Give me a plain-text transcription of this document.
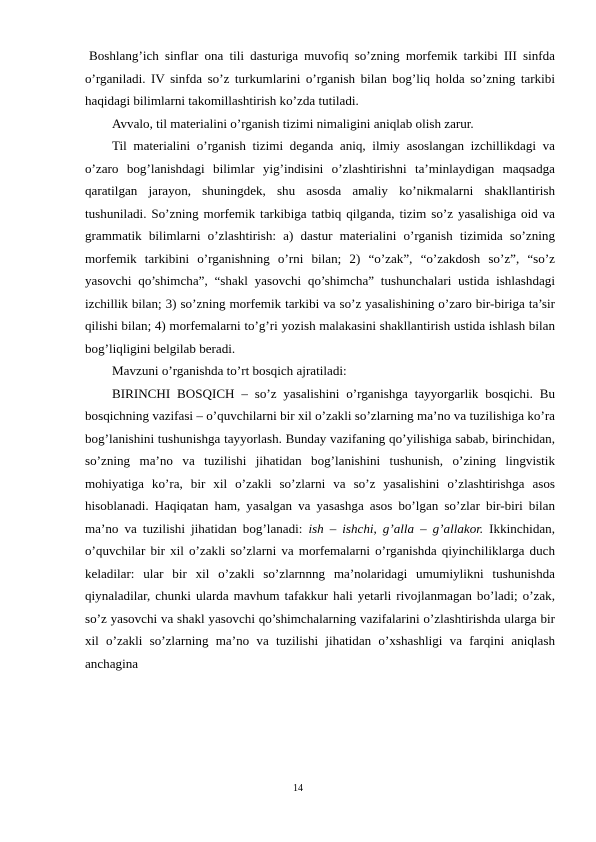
Boshlang’ich sinflar ona tili dasturiga muvofiq so’zning morfemik tarkibi III sinfda o’rganiladi. IV sinfda so’z turkumlarini o’rganish bilan bog’liq holda so’zning tarkibi haqidagi bilimlarni takomillashtirish ko’zda tutiladi.

Avvalo, til materialini o’rganish tizimi nimaligini aniqlab olish zarur.

Til materialini o’rganish tizimi deganda aniq, ilmiy asoslangan izchillikdagi va o’zaro bog’lanishdagi bilimlar yig’indisini o’zlashtirishni ta’minlaydigan maqsadga qaratilgan jarayon, shuningdek, shu asosda amaliy ko’nikmalarni shakllantirish tushuniladi. So’zning morfemik tarkibiga tatbiq qilganda, tizim so’z yasalishiga oid va grammatik bilimlarni o’zlashtirish: a) dastur materialini o’rganish tizimida so’zning morfemik tarkibini o’rganishning o’rni bilan; 2) “o’zak”, “o’zakdosh so’z”, “so’z yasovchi qo’shimcha”, “shakl yasovchi qo’shimcha” tushunchalari ustida ishlashdagi izchillik bilan; 3) so’zning morfemik tarkibi va so’z yasalishining o’zaro bir-biriga ta’sir qilishi bilan; 4) morfemalarni to’g’ri yozish malakasini shakllantirish ustida ishlash bilan bog’liqligini belgilab beradi.

Mavzuni o’rganishda to’rt bosqich ajratiladi:

BIRINCHI BOSQICH – so’z yasalishini o’rganishga tayyorgarlik bosqichi. Bu bosqichning vazifasi – o’quvchilarni bir xil o’zakli so’zlarning ma’no va tuzilishiga ko’ra bog’lanishini tushunishga tayyorlash. Bunday vazifaning qo’yilishiga sabab, birinchidan, so’zning ma’no va tuzilishi jihatidan bog’lanishini tushunish, o’zining lingvistik mohiyatiga ko’ra, bir xil o’zakli so’zlarni va so’z yasalishini o’zlashtirishga asos hisoblanadi. Haqiqatan ham, yasalgan va yasashga asos bo’lgan so’zlar bir-biri bilan ma’no va tuzilishi jihatidan bog’lanadi: ish – ishchi, g’alla – g’allakor. Ikkinchidan, o’quvchilar bir xil o’zakli so’zlarni va morfemalarni o’rganishda qiyinchiliklarga duch keladilar: ular bir xil o’zakli so’zlarnnng ma’nolaridagi umumiylikni tushunishda qiynaladilar, chunki ularda mavhum tafakkur hali yetarli rivojlanmagan bo’ladi; o’zak, so’z yasovchi va shakl yasovchi qo’shimchalarning vazifalarini o’zlashtirishda ularga bir xil o’zakli so’zlarning ma’no va tuzilishi jihatidan o’xshashligi va farqini aniqlash anchagina

14
